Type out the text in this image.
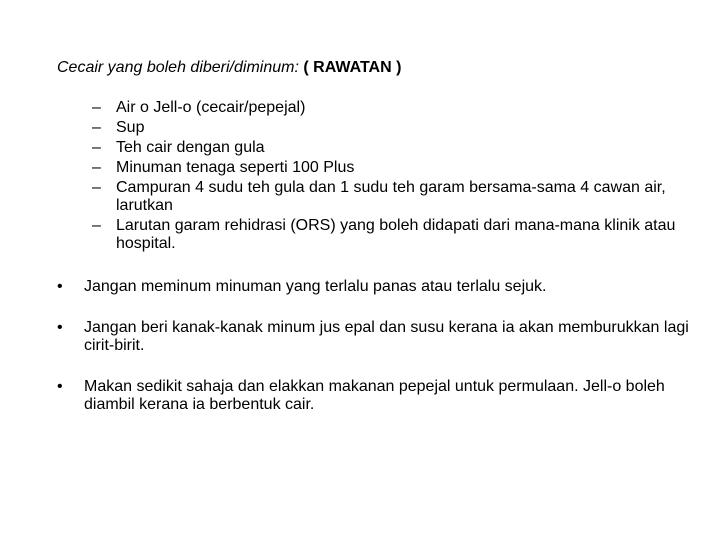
Cecair yang boleh diberi/diminum: ( RAWATAN )
– Air o Jell-o (cecair/pepejal)
– Sup
– Teh cair dengan gula
– Minuman tenaga seperti 100 Plus
– Campuran 4 sudu teh gula dan 1 sudu teh garam bersama-sama 4 cawan air, larutkan
– Larutan garam rehidrasi (ORS) yang boleh didapati dari mana-mana klinik atau hospital.
• Jangan meminum minuman yang terlalu panas atau terlalu sejuk.
• Jangan beri kanak-kanak minum jus epal dan susu kerana ia akan memburukkan lagi cirit-birit.
• Makan sedikit sahaja dan elakkan makanan pepejal untuk permulaan. Jell-o boleh diambil kerana ia berbentuk cair.
